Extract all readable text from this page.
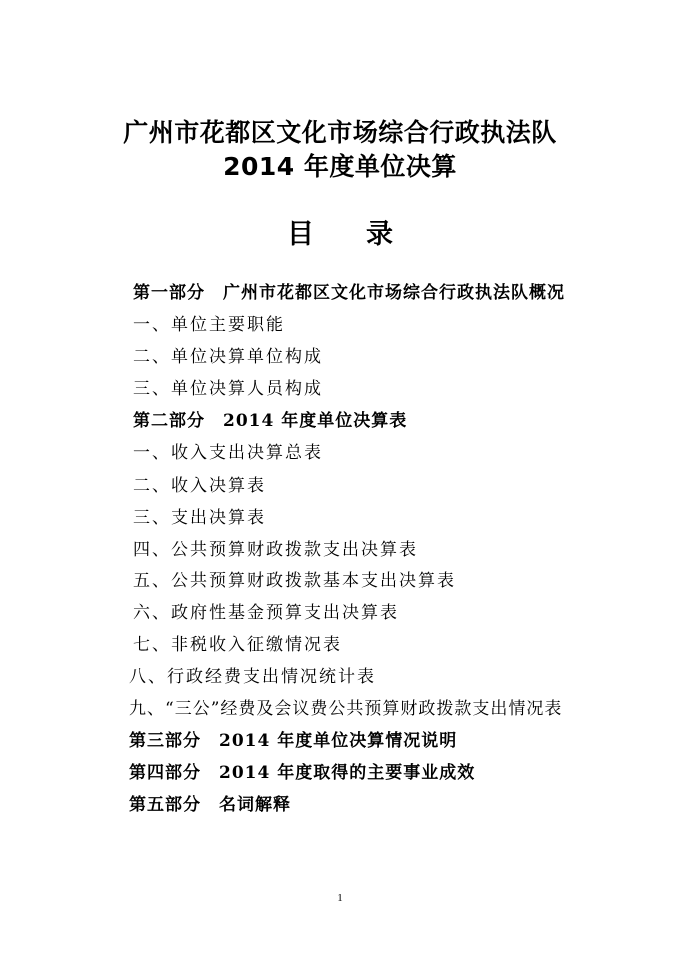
广州市花都区文化市场综合行政执法队
2014 年度单位决算
目 录
第一部分 广州市花都区文化市场综合行政执法队概况
一、单位主要职能
二、单位决算单位构成
三、单位决算人员构成
第二部分 2014 年度单位决算表
一、收入支出决算总表
二、收入决算表
三、支出决算表
四、公共预算财政拨款支出决算表
五、公共预算财政拨款基本支出决算表
六、政府性基金预算支出决算表
七、非税收入征缴情况表
八、行政经费支出情况统计表
九、“三公”经费及会议费公共预算财政拨款支出情况表
第三部分 2014 年度单位决算情况说明
第四部分 2014 年度取得的主要事业成效
第五部分 名词解释
1
